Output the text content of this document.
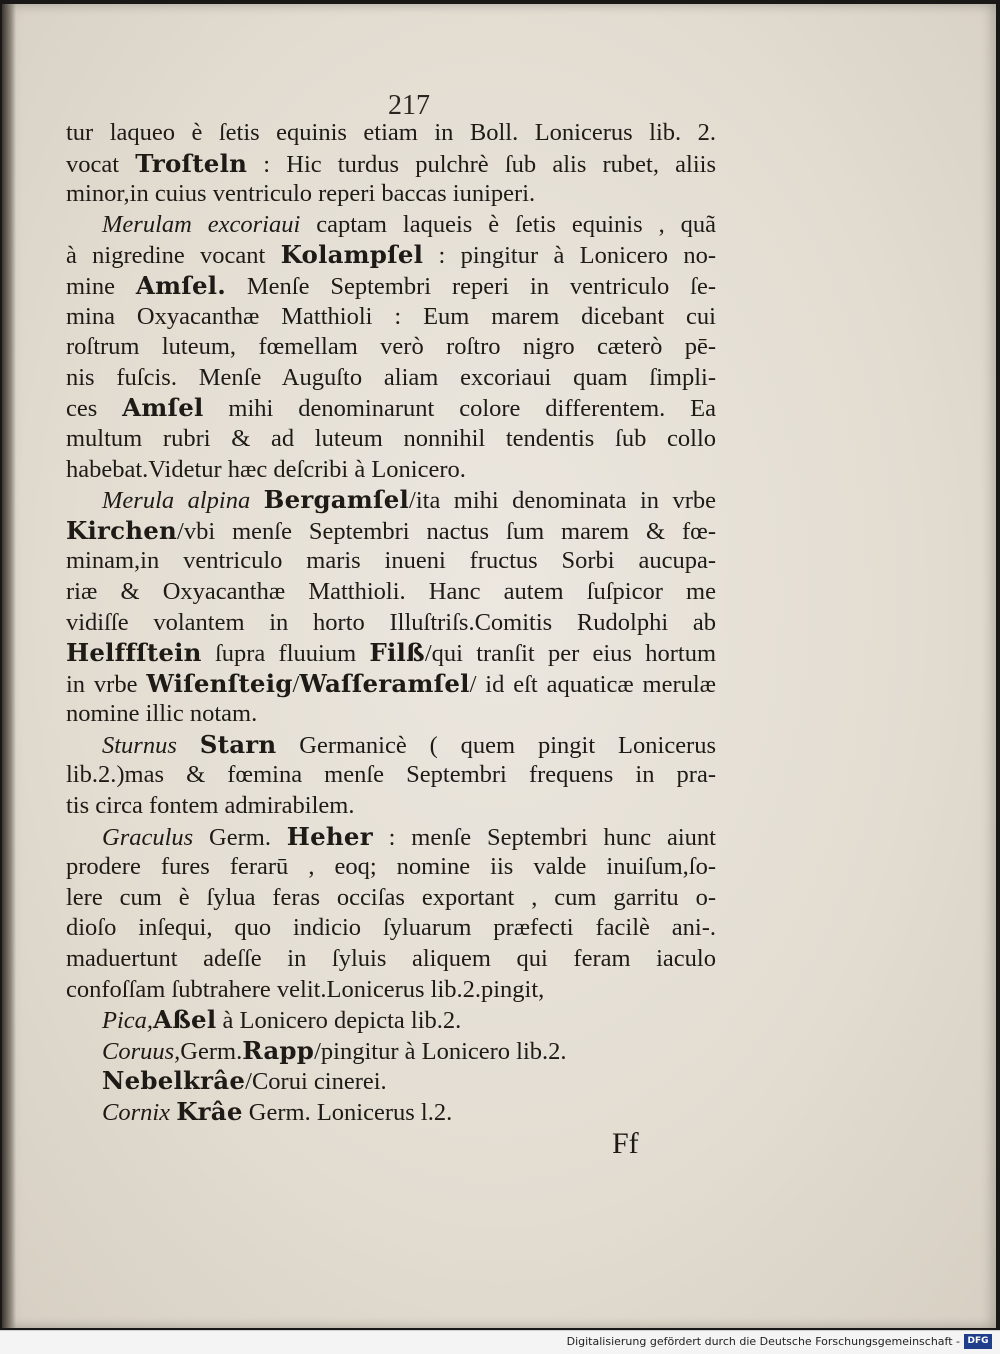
217

tur laqueo è ſetis equinis etiam in Boll. Lonicerus lib. 2.
vocat Troſteln : Hic turdus pulchrè ſub alis rubet, aliis
minor,in cuius ventriculo reperi baccas iuniperi.
Merulam excoriaui captam laqueis è ſetis equinis , quã
à nigredine vocant Kolampſel : pingitur à Lonicero no-
mine Amſel. Menſe Septembri reperi in ventriculo ſe-
mina Oxyacanthæ Matthioli : Eum marem dicebant cui
roſtrum luteum, fœmellam verò roſtro nigro cæterò pē-
nis fuſcis. Menſe Auguſto aliam excoriaui quam ſimpli-
ces Amſel mihi denominarunt colore differentem. Ea
multum rubri & ad luteum nonnihil tendentis ſub collo
habebat.Videtur hæc deſcribi à Lonicero.
Merula alpina Bergamſel/ita mihi denominata in vrbe
Kirchen/vbi menſe Septembri nactus ſum marem & fœ-
minam,in ventriculo maris inueni fructus Sorbi aucupa-
riæ & Oxyacanthæ Matthioli. Hanc autem ſuſpicor me
vidiſſe volantem in horto Illuſtriſs.Comitis Rudolphi ab
Helffſtein ſupra fluuium Filß/qui tranſit per eius hortum
in vrbe Wiſenſteig/Waſſeramſel/ id eſt aquaticæ merulæ
nomine illic notam.
Sturnus Starn Germanicè ( quem pingit Lonicerus
lib.2.)mas & fœmina menſe Septembri frequens in pra-
tis circa fontem admirabilem.
Graculus Germ. Heher : menſe Septembri hunc aiunt
prodere fures ferarū , eoq; nomine iis valde inuiſum,ſo-
lere cum è ſylua feras occiſas exportant , cum garritu o-
dioſo inſequi, quo indicio ſyluarum præfecti facilè ani-.
maduertunt adeſſe in ſyluis aliquem qui feram iaculo
confoſſam ſubtrahere velit.Lonicerus lib.2.pingit,
Pica,Aßel à Lonicero depicta lib.2.
Coruus,Germ.Rapp/pingitur à Lonicero lib.2.
Nebelkrâe/Corui cinerei.
Cornix Krâe Germ. Lonicerus l.2.

Ff

Digitalisierung gefördert durch die Deutsche Forschungsgemeinschaft - DFG
